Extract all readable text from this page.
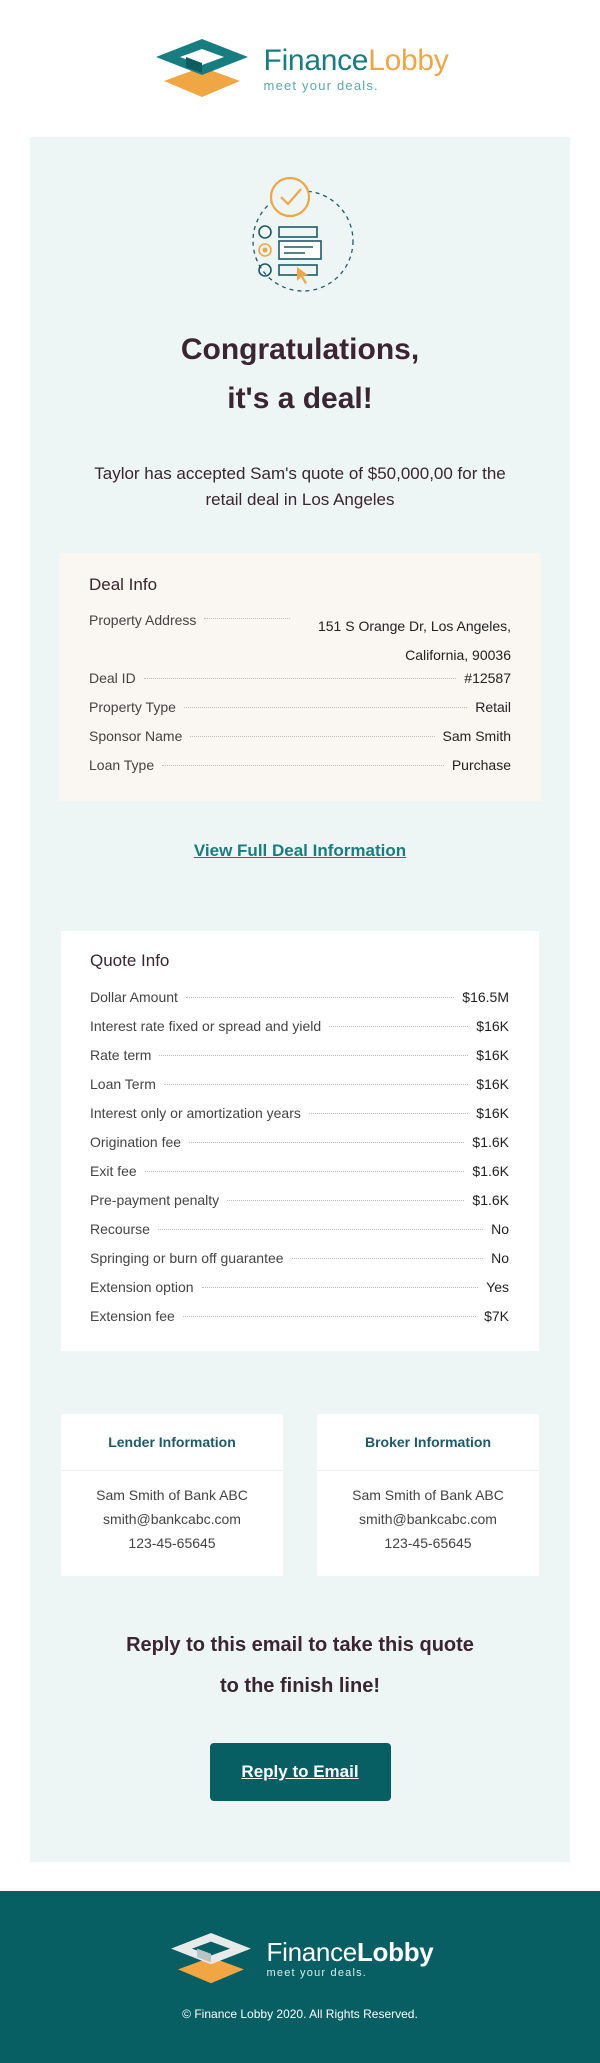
FinanceLobby
meet your deals.
Congratulations,
it's a deal!

Taylor has accepted Sam's quote of $50,000,00 for the retail deal in Los Angeles

Deal Info
Property Address	151 S Orange Dr, Los Angeles, California, 90036
Deal ID	#12587
Property Type	Retail
Sponsor Name	Sam Smith
Loan Type	Purchase
View Full Deal Information
Quote Info
Dollar Amount	$16.5M
Interest rate fixed or spread and yield	$16K
Rate term	$16K
Loan Term	$16K
Interest only or amortization years	$16K
Origination fee	$1.6K
Exit fee	$1.6K
Pre-payment penalty	$1.6K
Recourse	No
Springing or burn off guarantee	No
Extension option	Yes
Extension fee	$7K
Lender Information
Sam Smith of Bank ABC
smith@bankcabc.com
123-45-65645
Broker Information
Sam Smith of Bank ABC
smith@bankcabc.com
123-45-65645
Reply to this email to take this quote
to the finish line!
Reply to Email
FinanceLobby
meet your deals.
© Finance Lobby 2020. All Rights Reserved.
